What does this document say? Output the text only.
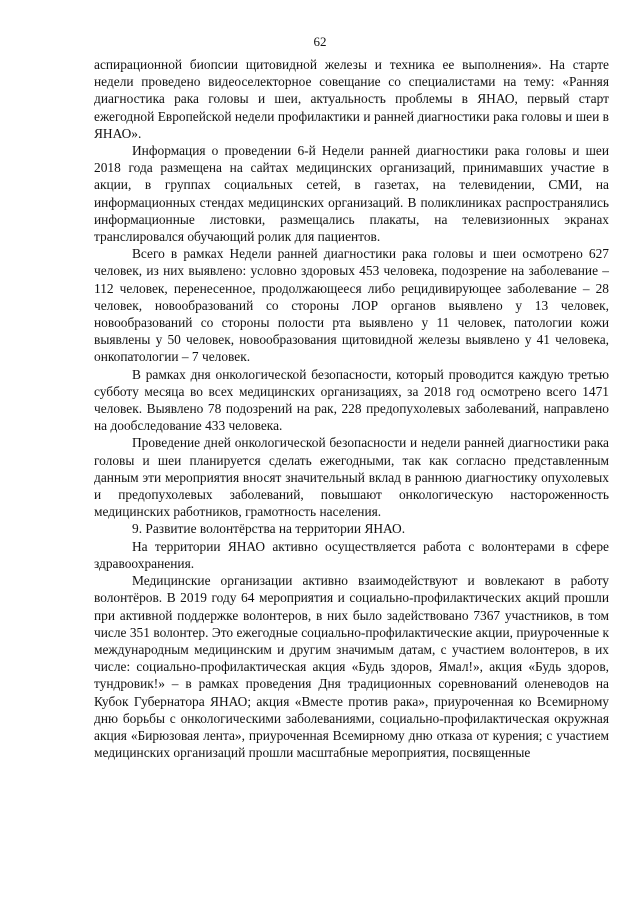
62

аспирационной биопсии щитовидной железы и техника ее выполнения». На старте недели проведено видеоселекторное совещание со специалистами на тему: «Ранняя диагностика рака головы и шеи, актуальность проблемы в ЯНАО, первый старт ежегодной Европейской недели профилактики и ранней диагностики рака головы и шеи в ЯНАО».

Информация о проведении 6-й Недели ранней диагностики рака головы и шеи 2018 года размещена на сайтах медицинских организаций, принимавших участие в акции, в группах социальных сетей, в газетах, на телевидении, СМИ, на информационных стендах медицинских организаций. В поликлиниках распространялись информационные листовки, размещались плакаты, на телевизионных экранах транслировался обучающий ролик для пациентов.

Всего в рамках Недели ранней диагностики рака головы и шеи осмотрено 627 человек, из них выявлено: условно здоровых 453 человека, подозрение на заболевание – 112 человек, перенесенное, продолжающееся либо рецидивирующее заболевание – 28 человек, новообразований со стороны ЛОР органов выявлено у 13 человек, новообразований со стороны полости рта выявлено у 11 человек, патологии кожи выявлены у 50 человек, новообразования щитовидной железы выявлено у 41 человека, онкопатологии – 7 человек.

В рамках дня онкологической безопасности, который проводится каждую третью субботу месяца во всех медицинских организациях, за 2018 год осмотрено всего 1471 человек. Выявлено 78 подозрений на рак, 228 предопухолевых заболеваний, направлено на дообследование 433 человека.

Проведение дней онкологической безопасности и недели ранней диагностики рака головы и шеи планируется сделать ежегодными, так как согласно представленным данным эти мероприятия вносят значительный вклад в раннюю диагностику опухолевых и предопухолевых заболеваний, повышают онкологическую настороженность медицинских работников, грамотность населения.

9. Развитие волонтёрства на территории ЯНАО.

На территории ЯНАО активно осуществляется работа с волонтерами в сфере здравоохранения.

Медицинские организации активно взаимодействуют и вовлекают в работу волонтёров. В 2019 году 64 мероприятия и социально-профилактических акций прошли при активной поддержке волонтеров, в них было задействовано 7367 участников, в том числе 351 волонтер. Это ежегодные социально-профилактические акции, приуроченные к международным медицинским и другим значимым датам, с участием волонтеров, в их числе: социально-профилактическая акция «Будь здоров, Ямал!», акция «Будь здоров, тундровик!» – в рамках проведения Дня традиционных соревнований оленеводов на Кубок Губернатора ЯНАО; акция «Вместе против рака», приуроченная ко Всемирному дню борьбы с онкологическими заболеваниями, социально-профилактическая окружная акция «Бирюзовая лента», приуроченная Всемирному дню отказа от курения; с участием медицинских организаций прошли масштабные мероприятия, посвященные
